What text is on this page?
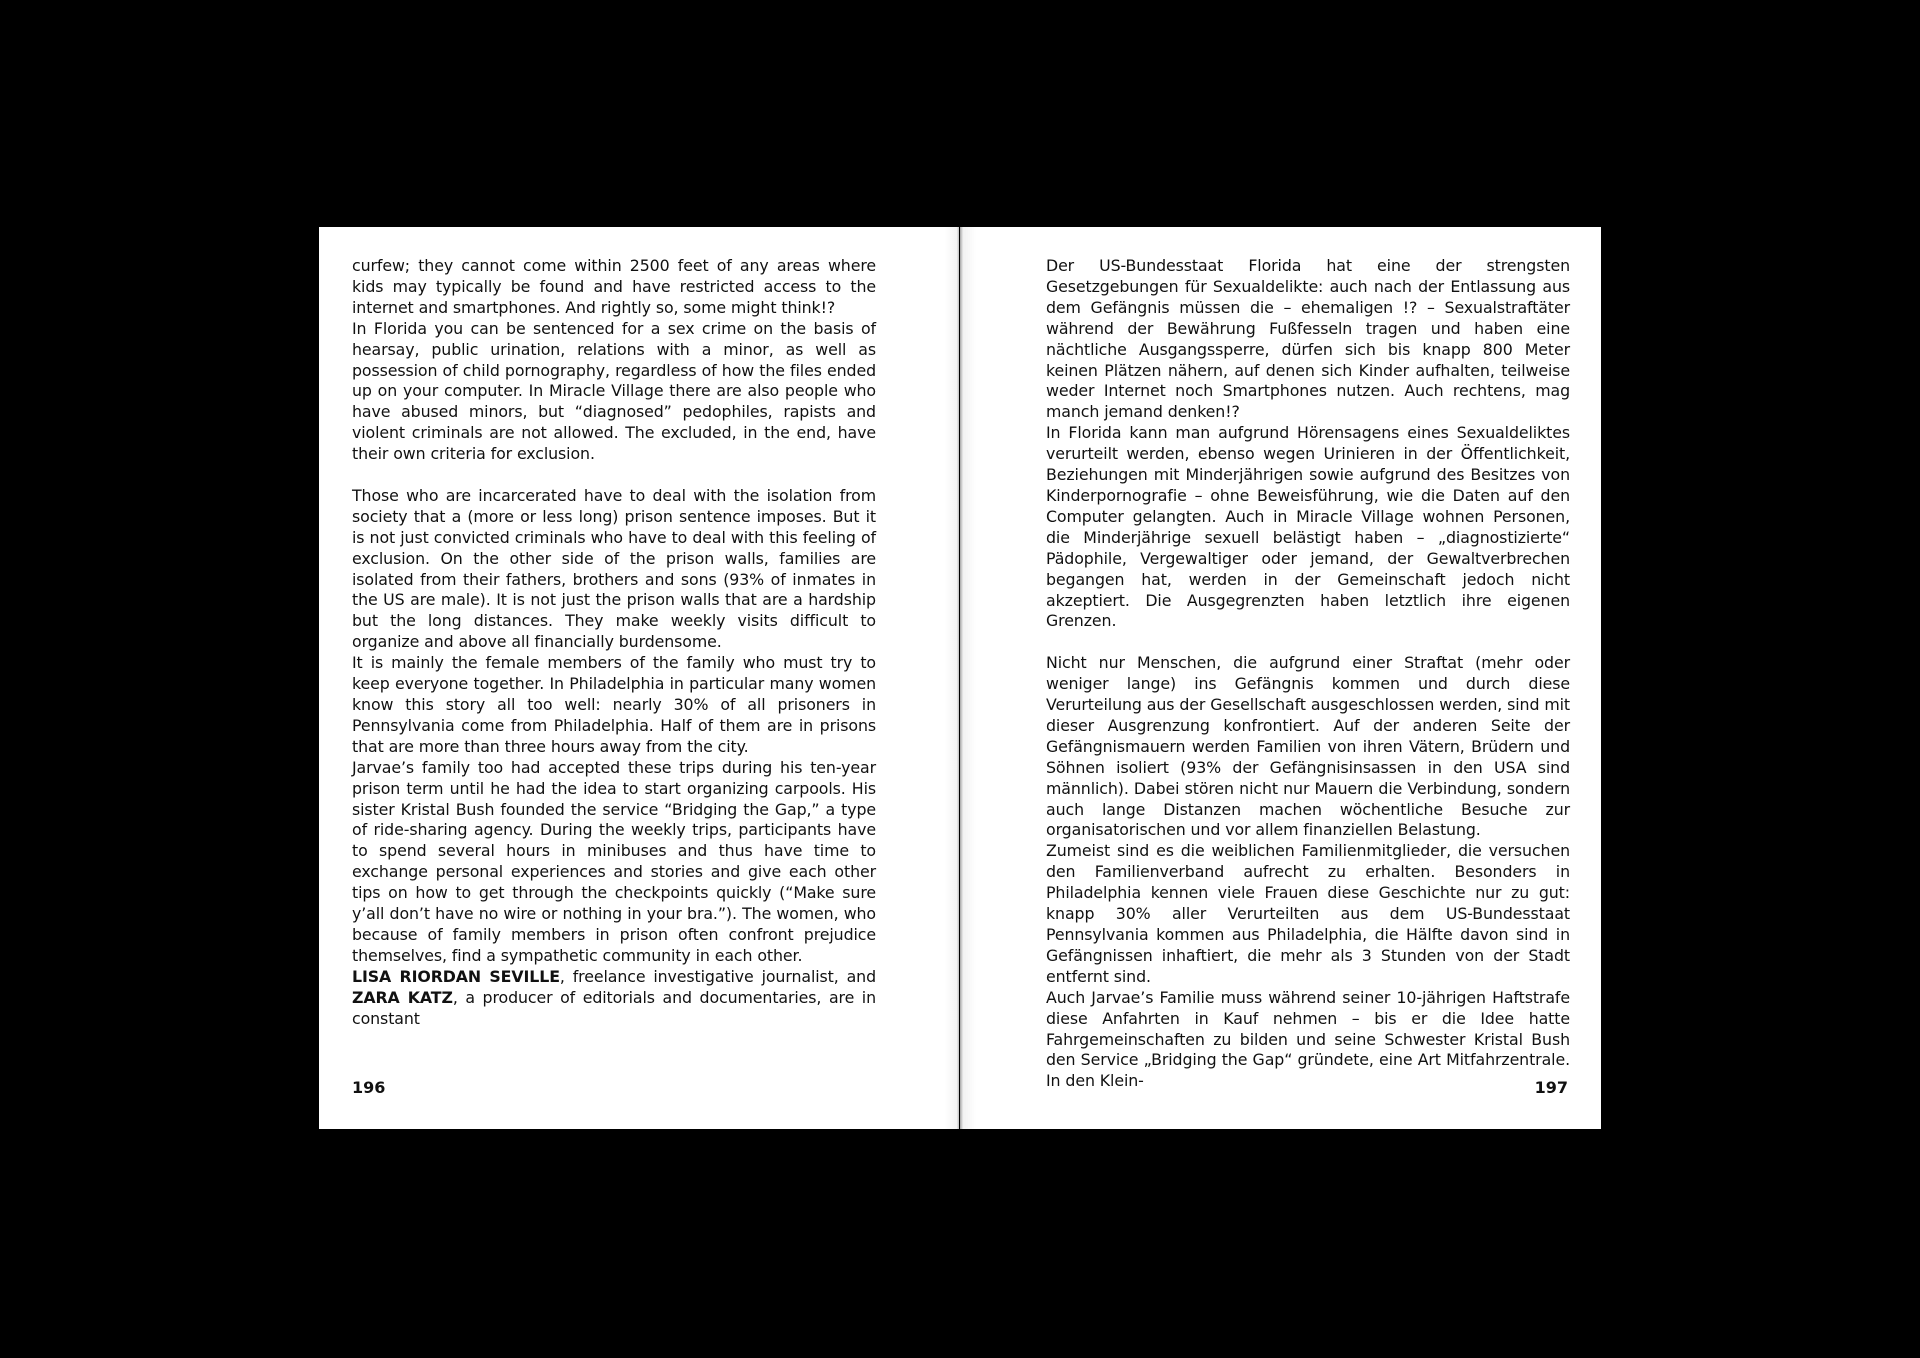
curfew; they cannot come within 2500 feet of any areas where kids may typically be found and have restricted access to the internet and smartphones. And rightly so, some might think!?

In Florida you can be sentenced for a sex crime on the basis of hearsay, public urination, relations with a minor, as well as possession of child pornography, regardless of how the files ended up on your computer. In Miracle Village there are also people who have abused minors, but “diagnosed” pedophiles, rapists and violent criminals are not allowed. The excluded, in the end, have their own criteria for exclusion.

Those who are incarcerated have to deal with the isolation from society that a (more or less long) prison sentence imposes. But it is not just convicted criminals who have to deal with this feeling of exclusion. On the other side of the prison walls, families are isolated from their fathers, brothers and sons (93% of inmates in the US are male). It is not just the prison walls that are a hardship but the long distances. They make weekly visits difficult to organize and above all financially burdensome.

It is mainly the female members of the family who must try to keep everyone together. In Philadelphia in particular many women know this story all too well: nearly 30% of all prisoners in Pennsylvania come from Philadelphia. Half of them are in prisons that are more than three hours away from the city.

Jarvae’s family too had accepted these trips during his ten-year prison term until he had the idea to start organizing carpools. His sister Kristal Bush founded the service “Bridging the Gap,” a type of ride-sharing agency. During the weekly trips, participants have to spend several hours in minibuses and thus have time to exchange personal experiences and stories and give each other tips on how to get through the checkpoints quickly (“Make sure y’all don’t have no wire or nothing in your bra.”). The women, who because of family members in prison often confront prejudice themselves, find a sympathetic community in each other.

LISA RIORDAN SEVILLE, freelance investigative journalist, and ZARA KATZ, a producer of editorials and documentaries, are in constant

196

Der US-Bundesstaat Florida hat eine der strengsten Gesetzgebungen für Sexualdelikte: auch nach der Entlassung aus dem Gefängnis müssen die – ehemaligen !? – Sexualstraftäter während der Bewährung Fußfesseln tragen und haben eine nächtliche Ausgangssperre, dürfen sich bis knapp 800 Meter keinen Plätzen nähern, auf denen sich Kinder aufhalten, teilweise weder Internet noch Smartphones nutzen. Auch rechtens, mag manch jemand denken!?

In Florida kann man aufgrund Hörensagens eines Sexualdeliktes verurteilt werden, ebenso wegen Urinieren in der Öffentlichkeit, Beziehungen mit Minderjährigen sowie aufgrund des Besitzes von Kinderpornografie – ohne Beweisführung, wie die Daten auf den Computer gelangten. Auch in Miracle Village wohnen Personen, die Minderjährige sexuell belästigt haben – „diagnostizierte“ Pädophile, Vergewaltiger oder jemand, der Gewaltverbrechen begangen hat, werden in der Gemeinschaft jedoch nicht akzeptiert. Die Ausgegrenzten haben letztlich ihre eigenen Grenzen.

Nicht nur Menschen, die aufgrund einer Straftat (mehr oder weniger lange) ins Gefängnis kommen und durch diese Verurteilung aus der Gesellschaft ausgeschlossen werden, sind mit dieser Ausgrenzung konfrontiert. Auf der anderen Seite der Gefängnismauern werden Familien von ihren Vätern, Brüdern und Söhnen isoliert (93% der Gefängnisinsassen in den USA sind männlich). Dabei stören nicht nur Mauern die Verbindung, sondern auch lange Distanzen machen wöchentliche Besuche zur organisatorischen und vor allem finanziellen Belastung.

Zumeist sind es die weiblichen Familienmitglieder, die versuchen den Familienverband aufrecht zu erhalten. Besonders in Philadelphia kennen viele Frauen diese Geschichte nur zu gut: knapp 30% aller Verurteilten aus dem US-Bundesstaat Pennsylvania kommen aus Philadelphia, die Hälfte davon sind in Gefängnissen inhaftiert, die mehr als 3 Stunden von der Stadt entfernt sind.

Auch Jarvae’s Familie muss während seiner 10-jährigen Haftstrafe diese Anfahrten in Kauf nehmen – bis er die Idee hatte Fahrgemeinschaften zu bilden und seine Schwester Kristal Bush den Service „Bridging the Gap“ gründete, eine Art Mitfahrzentrale. In den Klein-	197
